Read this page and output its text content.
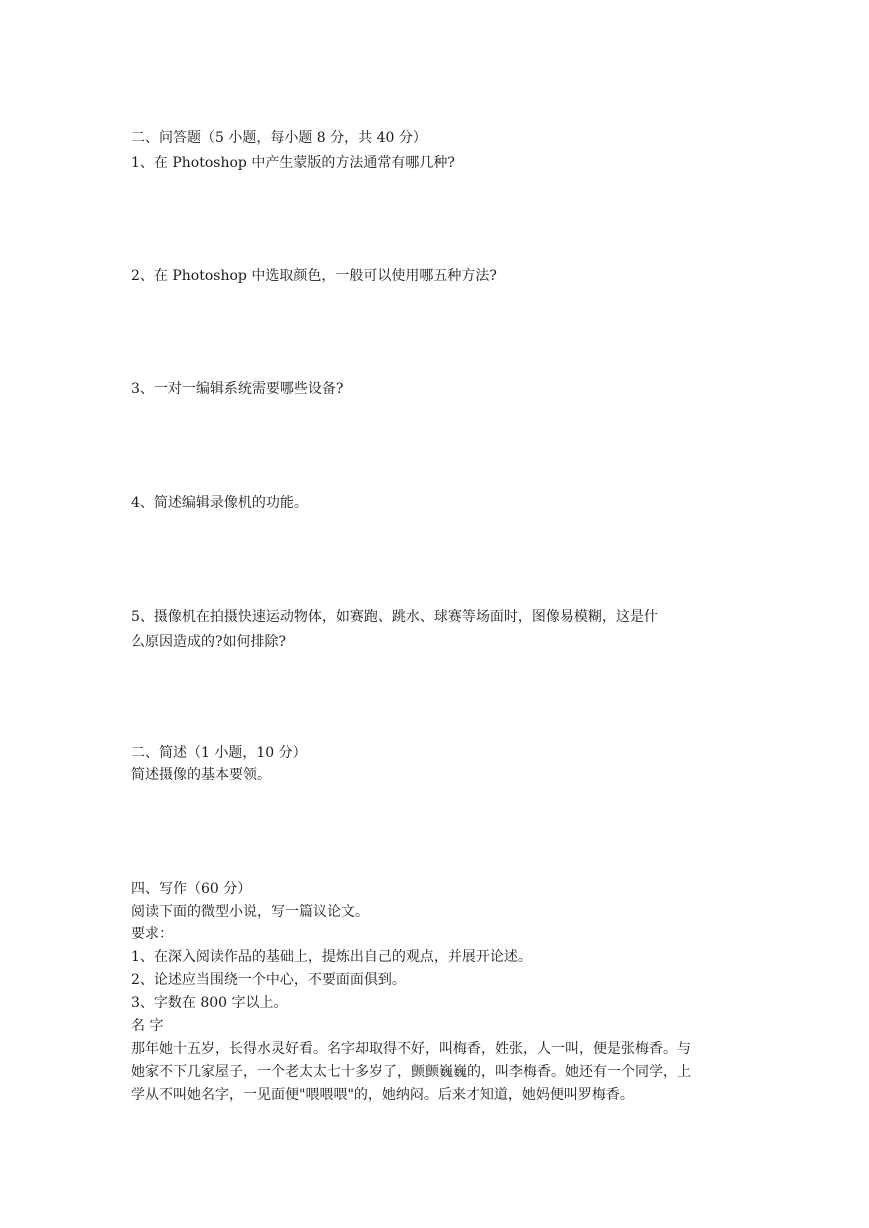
二、问答题（5 小题，每小题 8 分，共 40 分）

1、在 Photoshop 中产生蒙版的方法通常有哪几种?

2、在 Photoshop 中选取颜色，一般可以使用哪五种方法?

3、一对一编辑系统需要哪些设备?

4、简述编辑录像机的功能。

5、摄像机在拍摄快速运动物体，如赛跑、跳水、球赛等场面时，图像易模糊，这是什

么原因造成的?如何排除?

二、简述（1 小题，10 分）

简述摄像的基本要领。

四、写作（60 分）

阅读下面的微型小说，写一篇议论文。

要求：

1、在深入阅读作品的基础上，提炼出自己的观点，并展开论述。

2、论述应当围绕一个中心，不要面面俱到。

3、字数在 800 字以上。

名 字

那年她十五岁，长得水灵好看。名字却取得不好，叫梅香，姓张，人一叫，便是张梅香。与

她家不下几家屋子，一个老太太七十多岁了，颤颤巍巍的，叫李梅香。她还有一个同学，上

学从不叫她名字，一见面便"喂喂喂"的，她纳闷。后来才知道，她妈便叫罗梅香。
